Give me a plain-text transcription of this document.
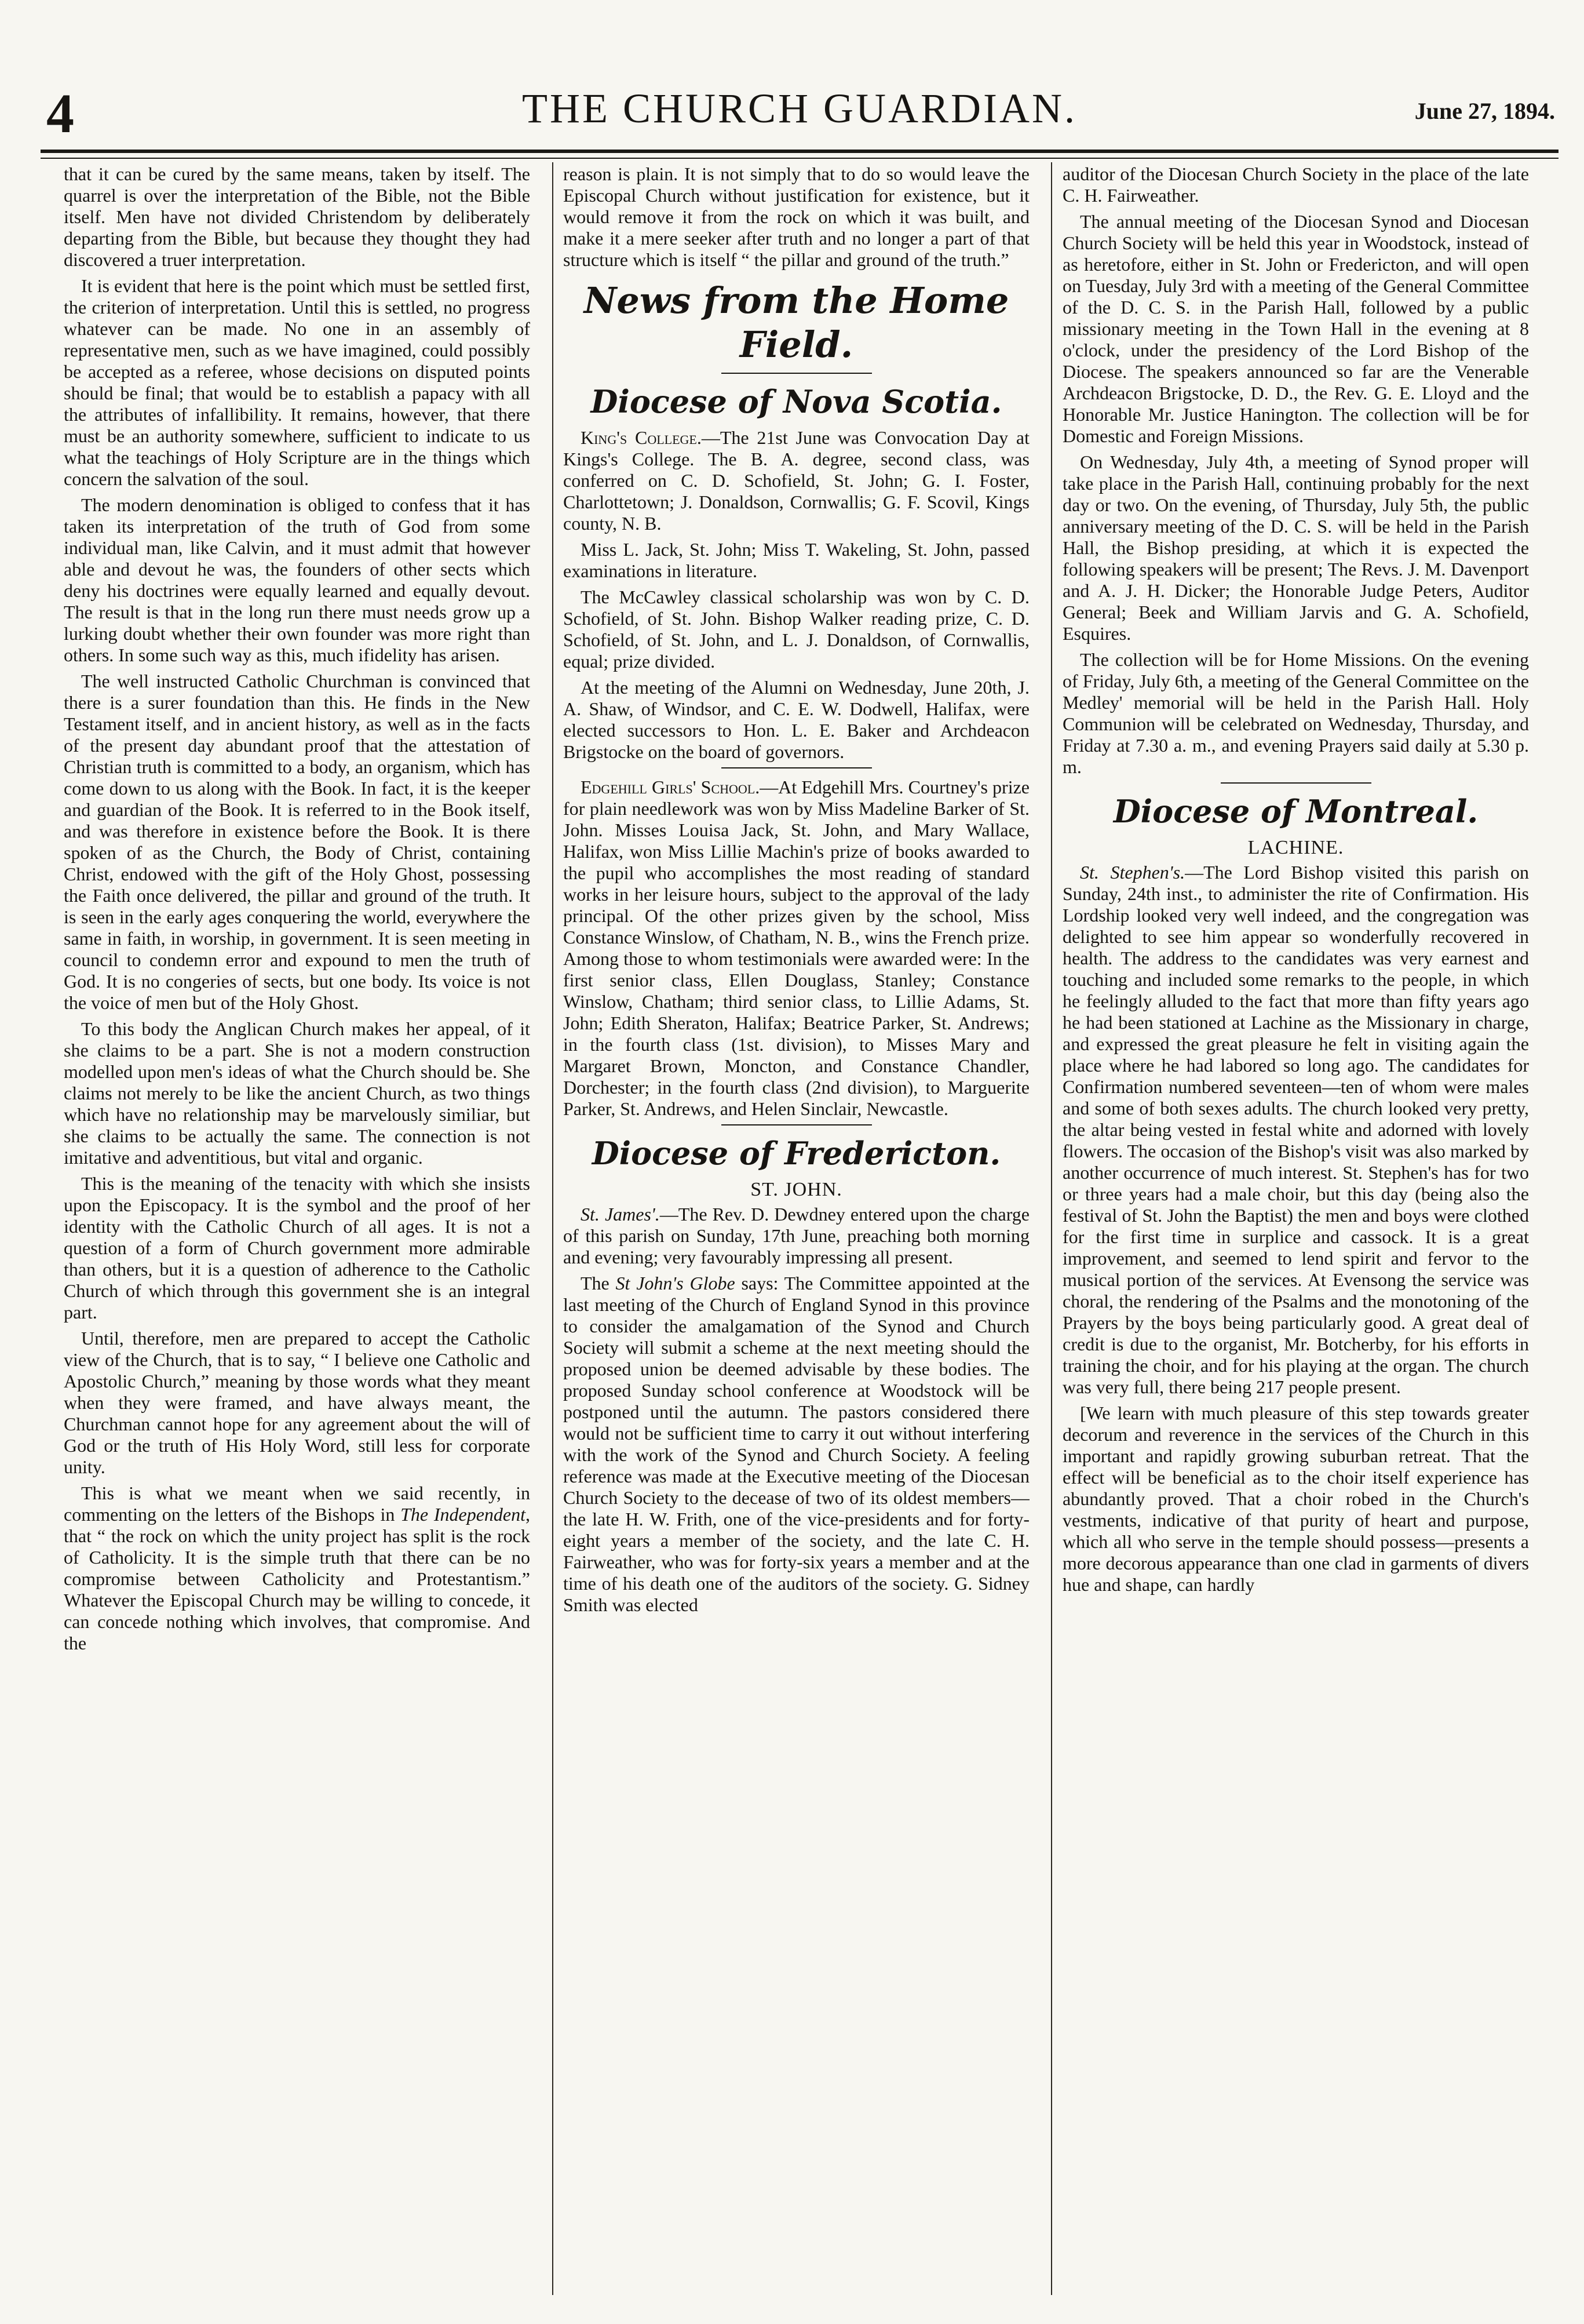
4	THE CHURCH GUARDIAN.	June 27, 1894.

that it can be cured by the same means, taken by itself. The quarrel is over the interpretation of the Bible, not the Bible itself. Men have not divided Christendom by deliberately departing from the Bible, but because they thought they had discovered a truer interpretation.

It is evident that here is the point which must be settled first, the criterion of interpretation. Until this is settled, no progress whatever can be made. No one in an assembly of representative men, such as we have imagined, could possibly be accepted as a referee, whose decisions on disputed points should be final; that would be to establish a papacy with all the attributes of infallibility. It remains, however, that there must be an authority somewhere, sufficient to indicate to us what the teachings of Holy Scripture are in the things which concern the salvation of the soul.

The modern denomination is obliged to confess that it has taken its interpretation of the truth of God from some individual man, like Calvin, and it must admit that however able and devout he was, the founders of other sects which deny his doctrines were equally learned and equally devout. The result is that in the long run there must needs grow up a lurking doubt whether their own founder was more right than others. In some such way as this, much ifidelity has arisen.

The well instructed Catholic Churchman is convinced that there is a surer foundation than this. He finds in the New Testament itself, and in ancient history, as well as in the facts of the present day abundant proof that the attestation of Christian truth is committed to a body, an organism, which has come down to us along with the Book. In fact, it is the keeper and guardian of the Book. It is referred to in the Book itself, and was therefore in existence before the Book. It is there spoken of as the Church, the Body of Christ, containing Christ, endowed with the gift of the Holy Ghost, possessing the Faith once delivered, the pillar and ground of the truth. It is seen in the early ages conquering the world, everywhere the same in faith, in worship, in government. It is seen meeting in council to condemn error and expound to men the truth of God. It is no congeries of sects, but one body. Its voice is not the voice of men but of the Holy Ghost.

To this body the Anglican Church makes her appeal, of it she claims to be a part. She is not a modern construction modelled upon men's ideas of what the Church should be. She claims not merely to be like the ancient Church, as two things which have no relationship may be marvelously similiar, but she claims to be actually the same. The connection is not imitative and adventitious, but vital and organic.

This is the meaning of the tenacity with which she insists upon the Episcopacy. It is the symbol and the proof of her identity with the Catholic Church of all ages. It is not a question of a form of Church government more admirable than others, but it is a question of adherence to the Catholic Church of which through this government she is an integral part.

Until, therefore, men are prepared to accept the Catholic view of the Church, that is to say, “ I believe one Catholic and Apostolic Church,” meaning by those words what they meant when they were framed, and have always meant, the Churchman cannot hope for any agreement about the will of God or the truth of His Holy Word, still less for corporate unity.

This is what we meant when we said recently, in commenting on the letters of the Bishops in The Independent, that “ the rock on which the unity project has split is the rock of Catholicity. It is the simple truth that there can be no compromise between Catholicity and Protestantism.” Whatever the Episcopal Church may be willing to concede, it can concede nothing which involves, that compromise. And the

reason is plain. It is not simply that to do so would leave the Episcopal Church without justification for existence, but it would remove it from the rock on which it was built, and make it a mere seeker after truth and no longer a part of that structure which is itself “ the pillar and ground of the truth.”

News from the Home Field.
Diocese of Nova Scotia.

King's College.—The 21st June was Convocation Day at Kings's College. The B. A. degree, second class, was conferred on C. D. Schofield, St. John; G. I. Foster, Charlottetown; J. Donaldson, Cornwallis; G. F. Scovil, Kings county, N. B.

Miss L. Jack, St. John; Miss T. Wakeling, St. John, passed examinations in literature.

The McCawley classical scholarship was won by C. D. Schofield, of St. John. Bishop Walker reading prize, C. D. Schofield, of St. John, and L. J. Donaldson, of Cornwallis, equal; prize divided.

At the meeting of the Alumni on Wednesday, June 20th, J. A. Shaw, of Windsor, and C. E. W. Dodwell, Halifax, were elected successors to Hon. L. E. Baker and Archdeacon Brigstocke on the board of governors.

Edgehill Girls' School.—At Edgehill Mrs. Courtney's prize for plain needlework was won by Miss Madeline Barker of St. John. Misses Louisa Jack, St. John, and Mary Wallace, Halifax, won Miss Lillie Machin's prize of books awarded to the pupil who accomplishes the most reading of standard works in her leisure hours, subject to the approval of the lady principal. Of the other prizes given by the school, Miss Constance Winslow, of Chatham, N. B., wins the French prize. Among those to whom testimonials were awarded were: In the first senior class, Ellen Douglass, Stanley; Constance Winslow, Chatham; third senior class, to Lillie Adams, St. John; Edith Sheraton, Halifax; Beatrice Parker, St. Andrews; in the fourth class (1st. division), to Misses Mary and Margaret Brown, Moncton, and Constance Chandler, Dorchester; in the fourth class (2nd division), to Marguerite Parker, St. Andrews, and Helen Sinclair, Newcastle.

Diocese of Fredericton.
ST. JOHN.

St. James'.—The Rev. D. Dewdney entered upon the charge of this parish on Sunday, 17th June, preaching both morning and evening; very favourably impressing all present.

The St John's Globe says: The Committee appointed at the last meeting of the Church of England Synod in this province to consider the amalgamation of the Synod and Church Society will submit a scheme at the next meeting should the proposed union be deemed advisable by these bodies. The proposed Sunday school conference at Woodstock will be postponed until the autumn. The pastors considered there would not be sufficient time to carry it out without interfering with the work of the Synod and Church Society. A feeling reference was made at the Executive meeting of the Diocesan Church Society to the decease of two of its oldest members—the late H. W. Frith, one of the vice-presidents and for forty-eight years a member of the society, and the late C. H. Fairweather, who was for forty-six years a member and at the time of his death one of the auditors of the society. G. Sidney Smith was elected

auditor of the Diocesan Church Society in the place of the late C. H. Fairweather.

The annual meeting of the Diocesan Synod and Diocesan Church Society will be held this year in Woodstock, instead of as heretofore, either in St. John or Fredericton, and will open on Tuesday, July 3rd with a meeting of the General Committee of the D. C. S. in the Parish Hall, followed by a public missionary meeting in the Town Hall in the evening at 8 o'clock, under the presidency of the Lord Bishop of the Diocese. The speakers announced so far are the Venerable Archdeacon Brigstocke, D. D., the Rev. G. E. Lloyd and the Honorable Mr. Justice Hanington. The collection will be for Domestic and Foreign Missions.

On Wednesday, July 4th, a meeting of Synod proper will take place in the Parish Hall, continuing probably for the next day or two. On the evening, of Thursday, July 5th, the public anniversary meeting of the D. C. S. will be held in the Parish Hall, the Bishop presiding, at which it is expected the following speakers will be present; The Revs. J. M. Davenport and A. J. H. Dicker; the Honorable Judge Peters, Auditor General; Beek and William Jarvis and G. A. Schofield, Esquires.

The collection will be for Home Missions. On the evening of Friday, July 6th, a meeting of the General Committee on the Medley' memorial will be held in the Parish Hall. Holy Communion will be celebrated on Wednesday, Thursday, and Friday at 7.30 a. m., and evening Prayers said daily at 5.30 p. m.

Diocese of Montreal.
LACHINE.

St. Stephen's.—The Lord Bishop visited this parish on Sunday, 24th inst., to administer the rite of Confirmation. His Lordship looked very well indeed, and the congregation was delighted to see him appear so wonderfully recovered in health. The address to the candidates was very earnest and touching and included some remarks to the people, in which he feelingly alluded to the fact that more than fifty years ago he had been stationed at Lachine as the Missionary in charge, and expressed the great pleasure he felt in visiting again the place where he had labored so long ago. The candidates for Confirmation numbered seventeen—ten of whom were males and some of both sexes adults. The church looked very pretty, the altar being vested in festal white and adorned with lovely flowers. The occasion of the Bishop's visit was also marked by another occurrence of much interest. St. Stephen's has for two or three years had a male choir, but this day (being also the festival of St. John the Baptist) the men and boys were clothed for the first time in surplice and cassock. It is a great improvement, and seemed to lend spirit and fervor to the musical portion of the services. At Evensong the service was choral, the rendering of the Psalms and the monotoning of the Prayers by the boys being particularly good. A great deal of credit is due to the organist, Mr. Botcherby, for his efforts in training the choir, and for his playing at the organ. The church was very full, there being 217 people present.

[We learn with much pleasure of this step towards greater decorum and reverence in the services of the Church in this important and rapidly growing suburban retreat. That the effect will be beneficial as to the choir itself experience has abundantly proved. That a choir robed in the Church's vestments, indicative of that purity of heart and purpose, which all who serve in the temple should possess—presents a more decorous appearance than one clad in garments of divers hue and shape, can hardly
